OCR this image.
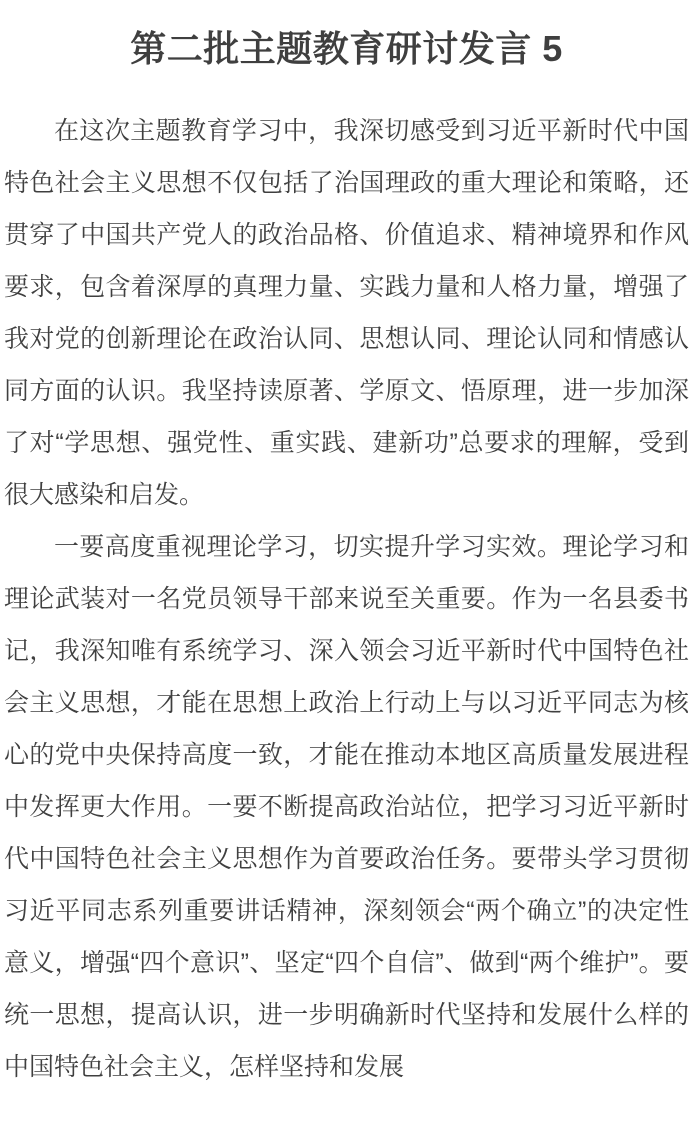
第二批主题教育研讨发言 5

在这次主题教育学习中，我深切感受到习近平新时代中国特色社会主义思想不仅包括了治国理政的重大理论和策略，还贯穿了中国共产党人的政治品格、价值追求、精神境界和作风要求，包含着深厚的真理力量、实践力量和人格力量，增强了我对党的创新理论在政治认同、思想认同、理论认同和情感认同方面的认识。我坚持读原著、学原文、悟原理，进一步加深了对“学思想、强党性、重实践、建新功”总要求的理解，受到很大感染和启发。

一要高度重视理论学习，切实提升学习实效。理论学习和理论武装对一名党员领导干部来说至关重要。作为一名县委书记，我深知唯有系统学习、深入领会习近平新时代中国特色社会主义思想，才能在思想上政治上行动上与以习近平同志为核心的党中央保持高度一致，才能在推动本地区高质量发展进程中发挥更大作用。一要不断提高政治站位，把学习习近平新时代中国特色社会主义思想作为首要政治任务。要带头学习贯彻习近平同志系列重要讲话精神，深刻领会“两个确立”的决定性意义，增强“四个意识”、坚定“四个自信”、做到“两个维护”。要统一思想，提高认识，进一步明确新时代坚持和发展什么样的中国特色社会主义，怎样坚持和发展
